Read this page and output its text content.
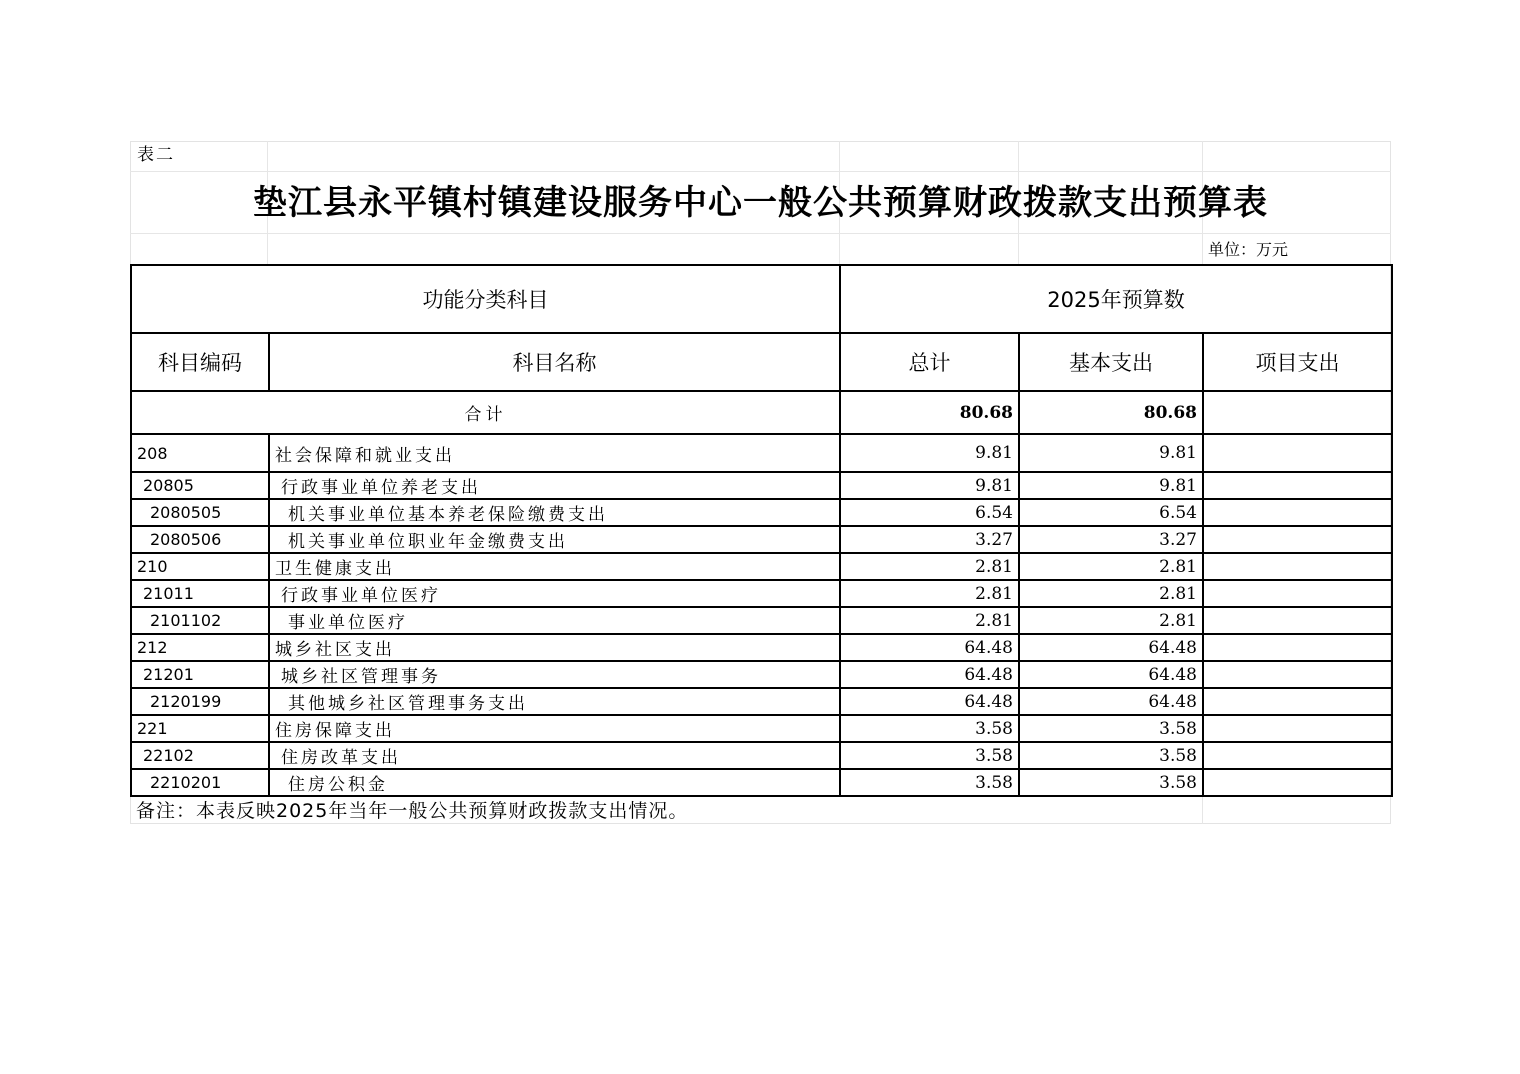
表二
垫江县永平镇村镇建设服务中心一般公共预算财政拨款支出预算表
单位：万元
功能分类科目		2025年预算数		
科目编码	科目名称	总计	基本支出	项目支出
合计		80.68	80.68	
208	社会保障和就业支出	9.81	9.81	
20805	行政事业单位养老支出	9.81	9.81	
2080505	机关事业单位基本养老保险缴费支出	6.54	6.54	
2080506	机关事业单位职业年金缴费支出	3.27	3.27	
210	卫生健康支出	2.81	2.81	
21011	行政事业单位医疗	2.81	2.81	
2101102	事业单位医疗	2.81	2.81	
212	城乡社区支出	64.48	64.48	
21201	城乡社区管理事务	64.48	64.48	
2120199	其他城乡社区管理事务支出	64.48	64.48	
221	住房保障支出	3.58	3.58	
22102	住房改革支出	3.58	3.58	
2210201	住房公积金	3.58	3.58	
备注：本表反映2025年当年一般公共预算财政拨款支出情况。
